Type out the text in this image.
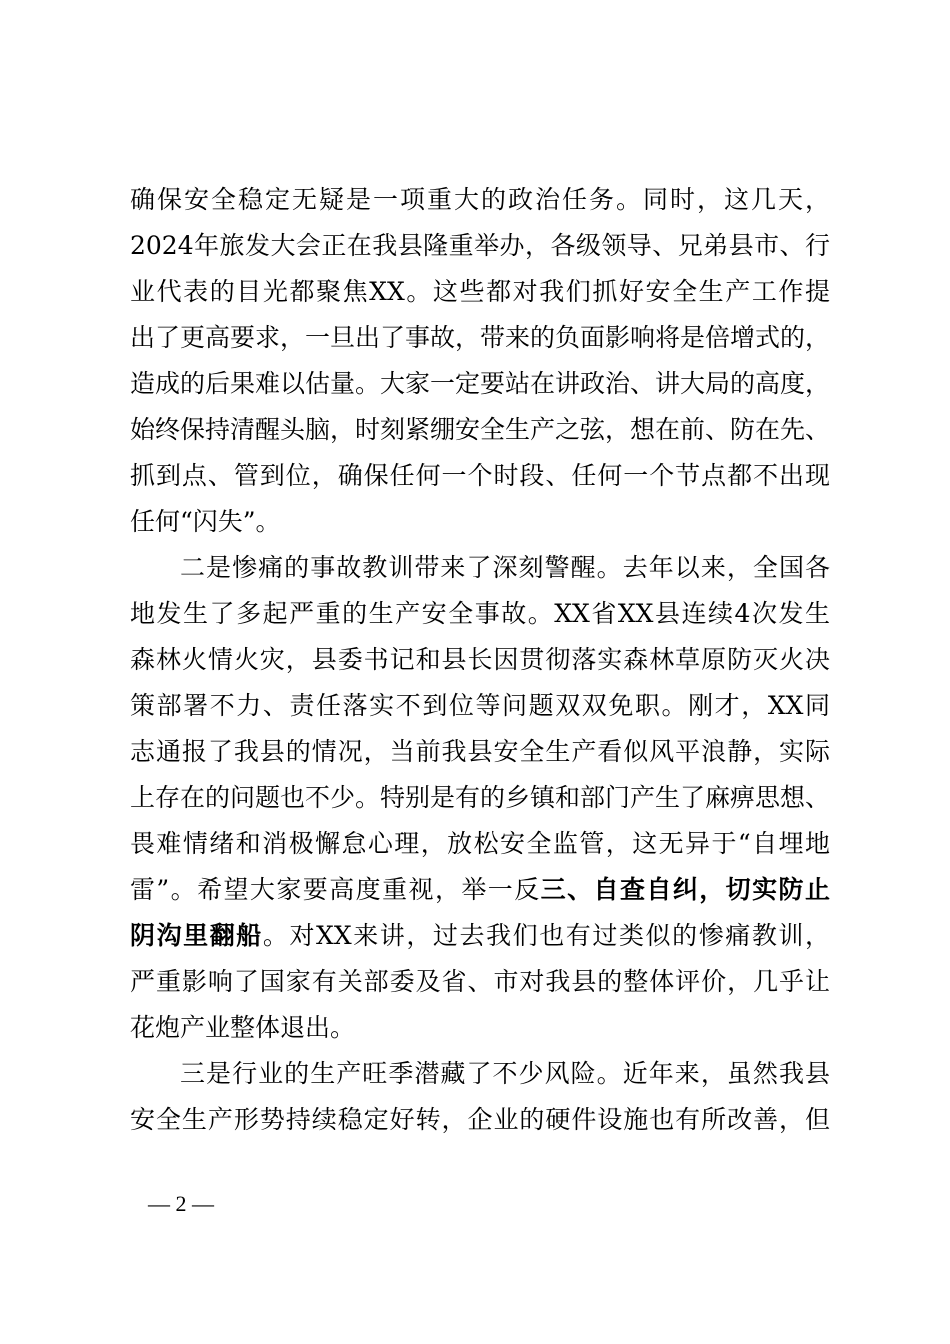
确保安全稳定无疑是一项重大的政治任务。同时，这几天，
2024年旅发大会正在我县隆重举办，各级领导、兄弟县市、行
业代表的目光都聚焦XX。这些都对我们抓好安全生产工作提
出了更高要求，一旦出了事故，带来的负面影响将是倍增式的，
造成的后果难以估量。大家一定要站在讲政治、讲大局的高度，
始终保持清醒头脑，时刻紧绷安全生产之弦，想在前、防在先、
抓到点、管到位，确保任何一个时段、任何一个节点都不出现
任何“闪失”。
二是惨痛的事故教训带来了深刻警醒。去年以来，全国各
地发生了多起严重的生产安全事故。XX省XX县连续4次发生
森林火情火灾，县委书记和县长因贯彻落实森林草原防灭火决
策部署不力、责任落实不到位等问题双双免职。刚才，XX同
志通报了我县的情况，当前我县安全生产看似风平浪静，实际
上存在的问题也不少。特别是有的乡镇和部门产生了麻痹思想、
畏难情绪和消极懈怠心理，放松安全监管，这无异于“自埋地
雷”。希望大家要高度重视，举一反三、自查自纠，切实防止
阴沟里翻船。对XX来讲，过去我们也有过类似的惨痛教训，
严重影响了国家有关部委及省、市对我县的整体评价，几乎让
花炮产业整体退出。
三是行业的生产旺季潜藏了不少风险。近年来，虽然我县
安全生产形势持续稳定好转，企业的硬件设施也有所改善，但
— 2 —
